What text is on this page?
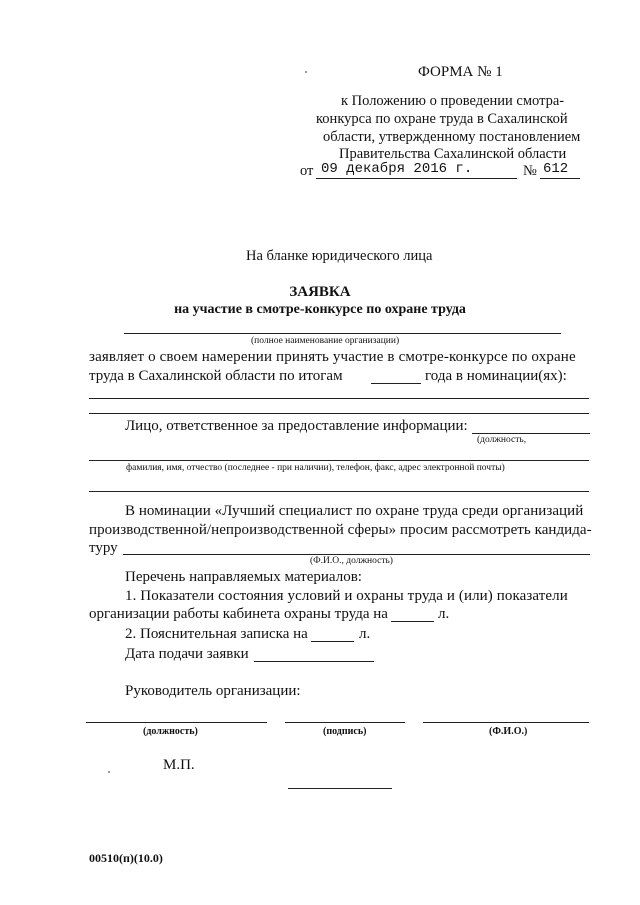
ФОРМА № 1
к Положению о проведении смотра-
конкурса по охране труда в Сахалинской
области, утвержденному постановлением
Правительства Сахалинской области
от 09 декабря 2016 г.	№ 612
На бланке юридического лица
ЗАЯВКА
на участие в смотре-конкурсе по охране труда
(полное наименование организации)
заявляет о своем намерении принять участие в смотре-конкурсе по охране
труда в Сахалинской области по итогам	года в номинации(ях):
Лицо, ответственное за предоставление информации:
(должность,
фамилия, имя, отчество (последнее - при наличии), телефон, факс, адрес электронной почты)
В номинации «Лучший специалист по охране труда среди организаций
производственной/непроизводственной сферы» просим рассмотреть кандида-
туру
(Ф.И.О., должность)
Перечень направляемых материалов:
1. Показатели состояния условий и охраны труда и (или) показатели
организации работы кабинета охраны труда на	л.
2. Пояснительная записка на	л.
Дата подачи заявки
Руководитель организации:
(должность)	(подпись)	(Ф.И.О.)
М.П.
00510(п)(10.0)
